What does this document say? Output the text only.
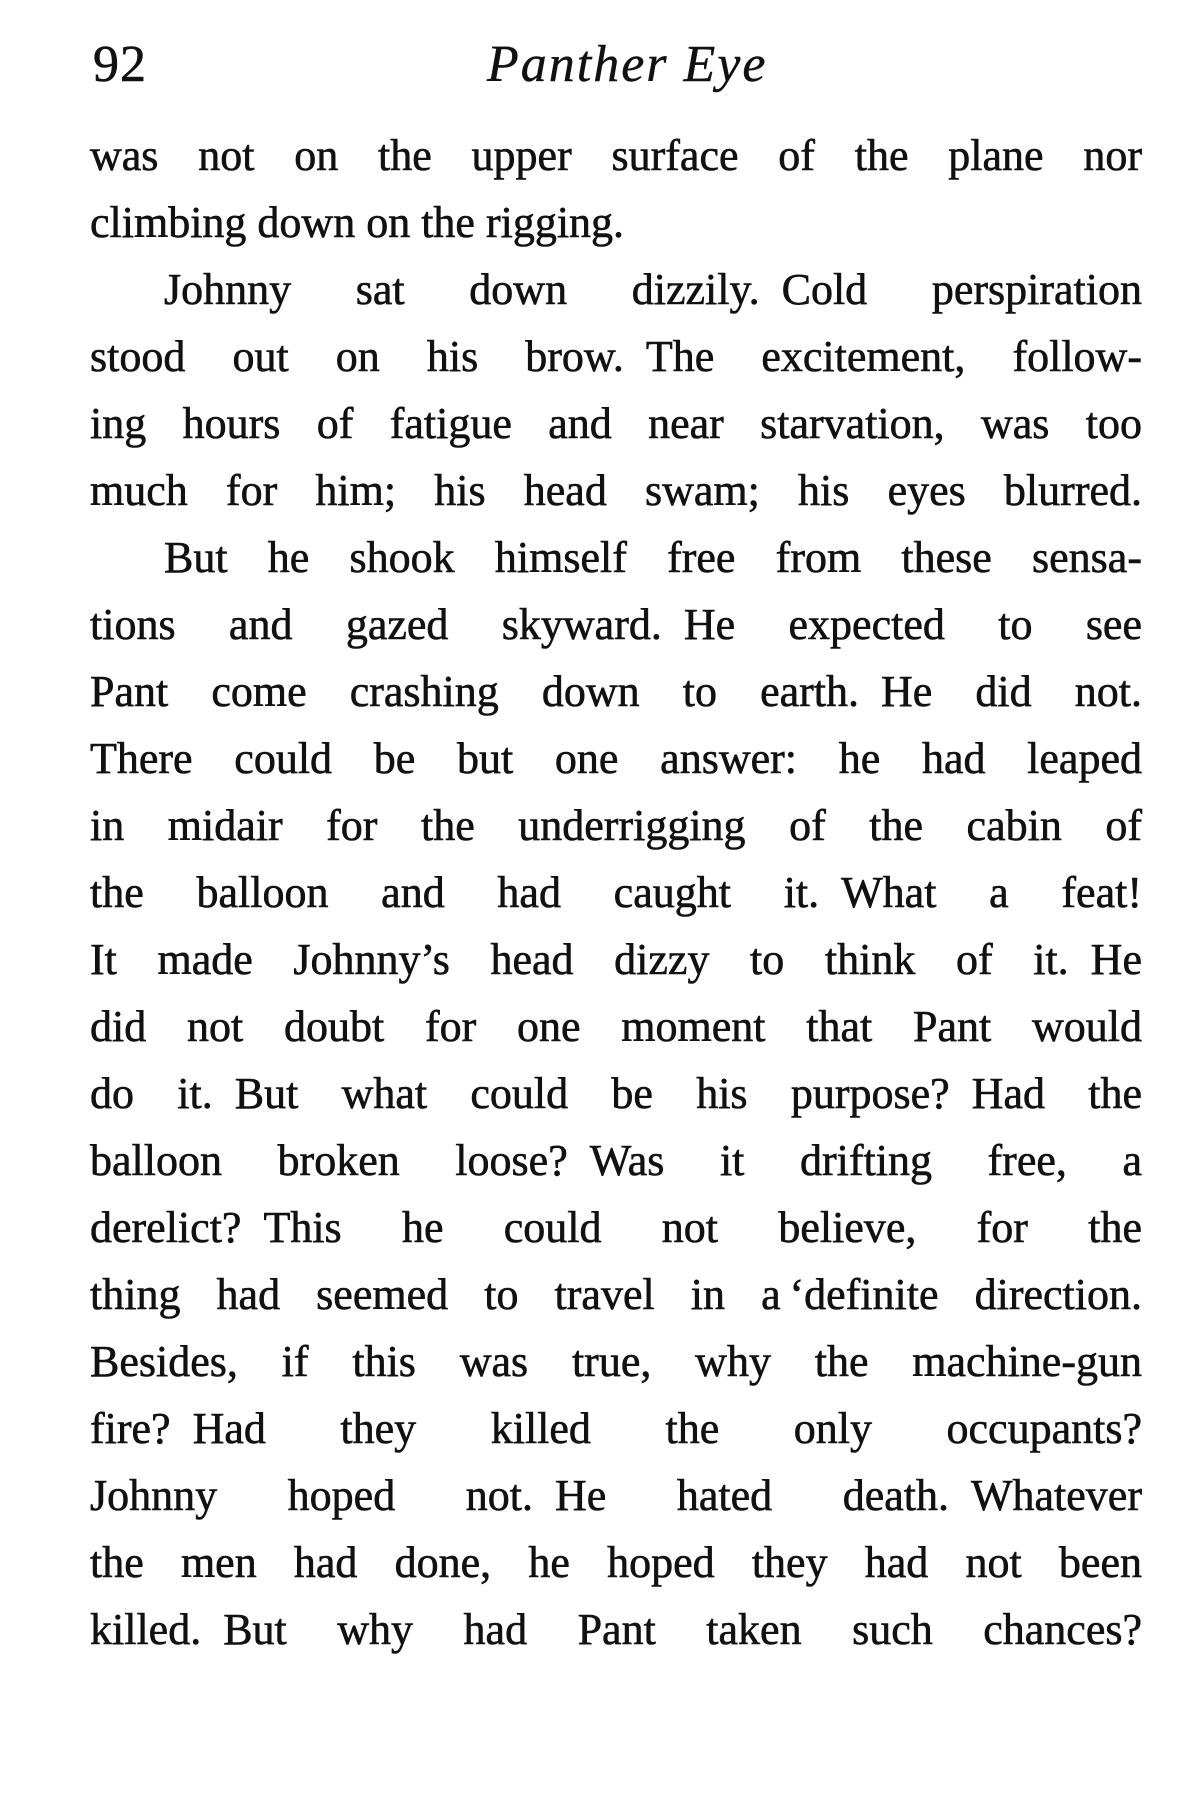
92	Panther Eye
was not on the upper surface of the plane nor
climbing down on the rigging.
Johnny sat down dizzily. Cold perspiration
stood out on his brow. The excitement, follow-
ing hours of fatigue and near starvation, was too
much for him; his head swam; his eyes blurred.
But he shook himself free from these sensa-
tions and gazed skyward. He expected to see
Pant come crashing down to earth. He did not.
There could be but one answer: he had leaped
in midair for the underrigging of the cabin of
the balloon and had caught it. What a feat!
It made Johnny’s head dizzy to think of it. He
did not doubt for one moment that Pant would
do it. But what could be his purpose? Had the
balloon broken loose? Was it drifting free, a
derelict? This he could not believe, for the
thing had seemed to travel in a ‘definite direction.
Besides, if this was true, why the machine-gun
fire? Had they killed the only occupants?
Johnny hoped not. He hated death. Whatever
the men had done, he hoped they had not been
killed. But why had Pant taken such chances?
